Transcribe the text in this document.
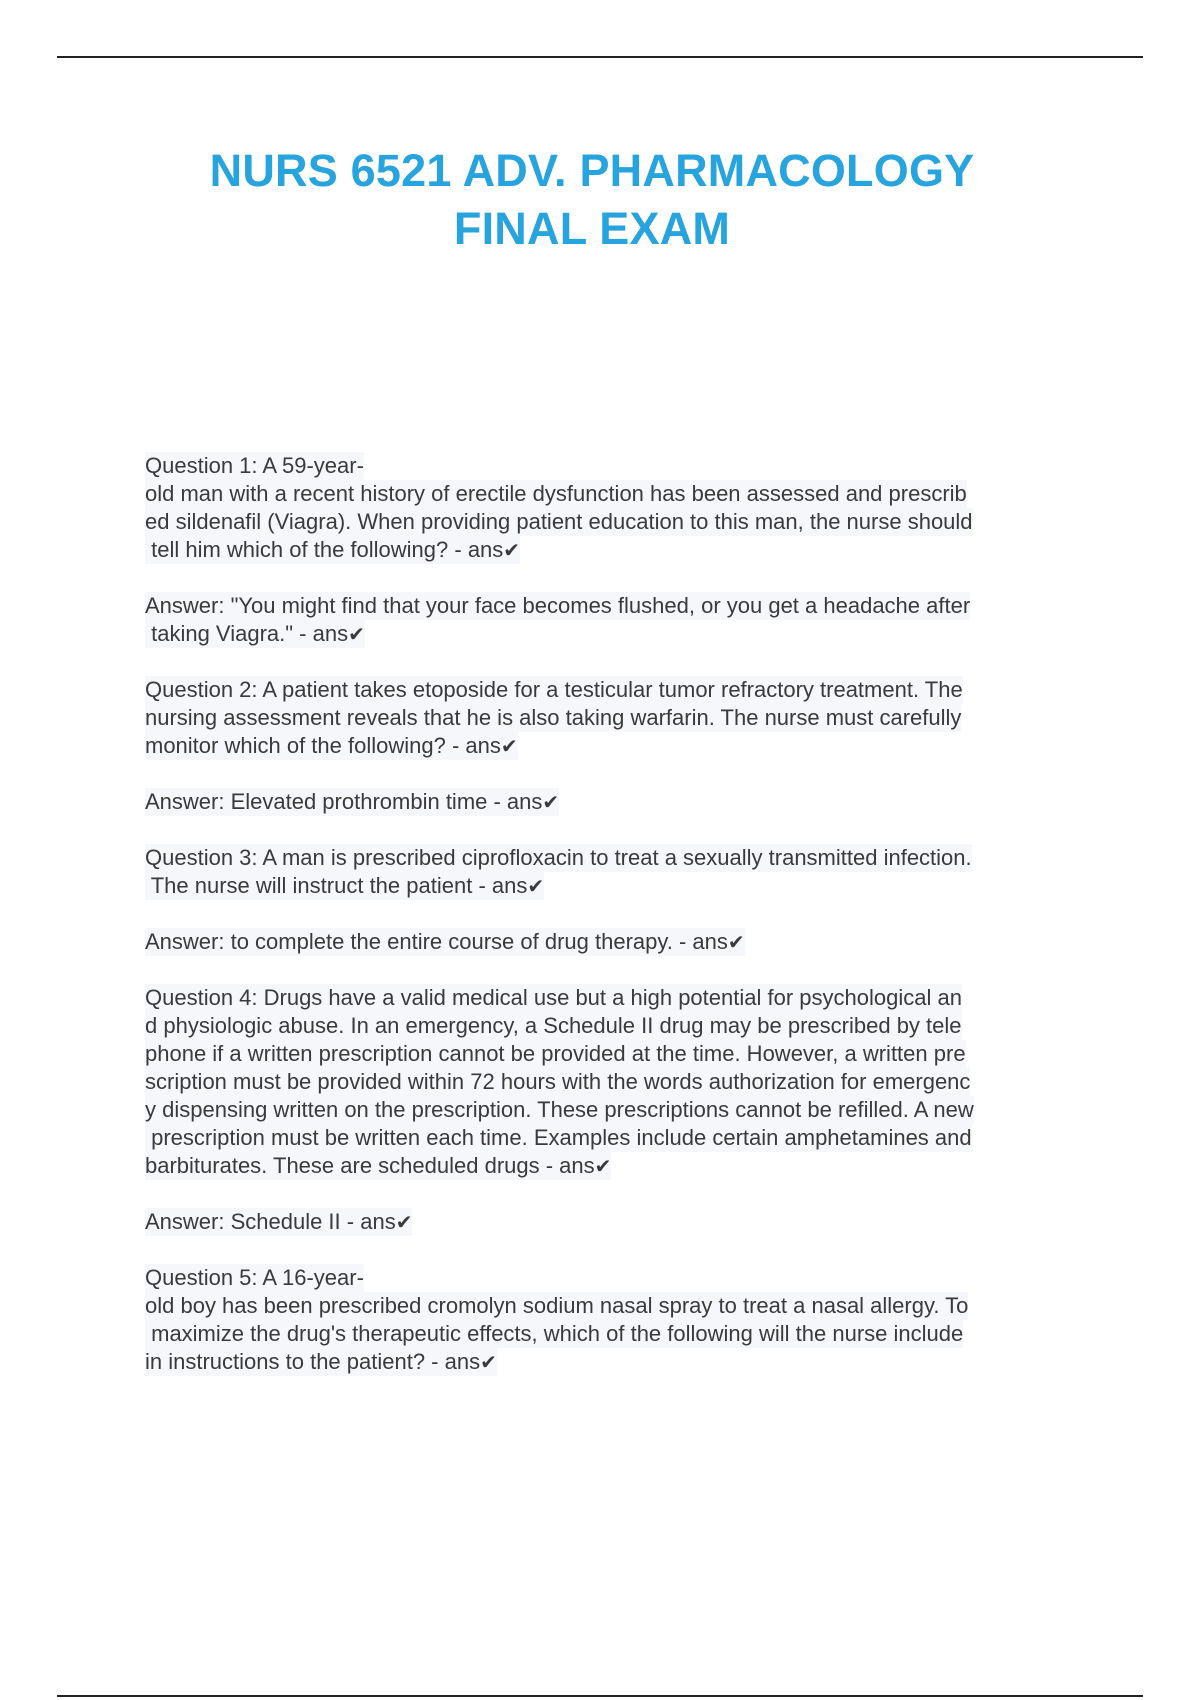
NURS 6521 ADV. PHARMACOLOGY
FINAL EXAM
Question 1: A 59-year-
old man with a recent history of erectile dysfunction has been assessed and prescrib
ed sildenafil (Viagra). When providing patient education to this man, the nurse should
tell him which of the following? - ans✔
Answer: "You might find that your face becomes flushed, or you get a headache after
taking Viagra." - ans✔
Question 2: A patient takes etoposide for a testicular tumor refractory treatment. The
nursing assessment reveals that he is also taking warfarin. The nurse must carefully
monitor which of the following? - ans✔
Answer: Elevated prothrombin time - ans✔
Question 3: A man is prescribed ciprofloxacin to treat a sexually transmitted infection.
The nurse will instruct the patient - ans✔
Answer: to complete the entire course of drug therapy. - ans✔
Question 4: Drugs have a valid medical use but a high potential for psychological an
d physiologic abuse. In an emergency, a Schedule II drug may be prescribed by tele
phone if a written prescription cannot be provided at the time. However, a written pre
scription must be provided within 72 hours with the words authorization for emergenc
y dispensing written on the prescription. These prescriptions cannot be refilled. A new
prescription must be written each time. Examples include certain amphetamines and
barbiturates. These are scheduled drugs - ans✔
Answer: Schedule II - ans✔
Question 5: A 16-year-
old boy has been prescribed cromolyn sodium nasal spray to treat a nasal allergy. To
maximize the drug's therapeutic effects, which of the following will the nurse include
in instructions to the patient? - ans✔
